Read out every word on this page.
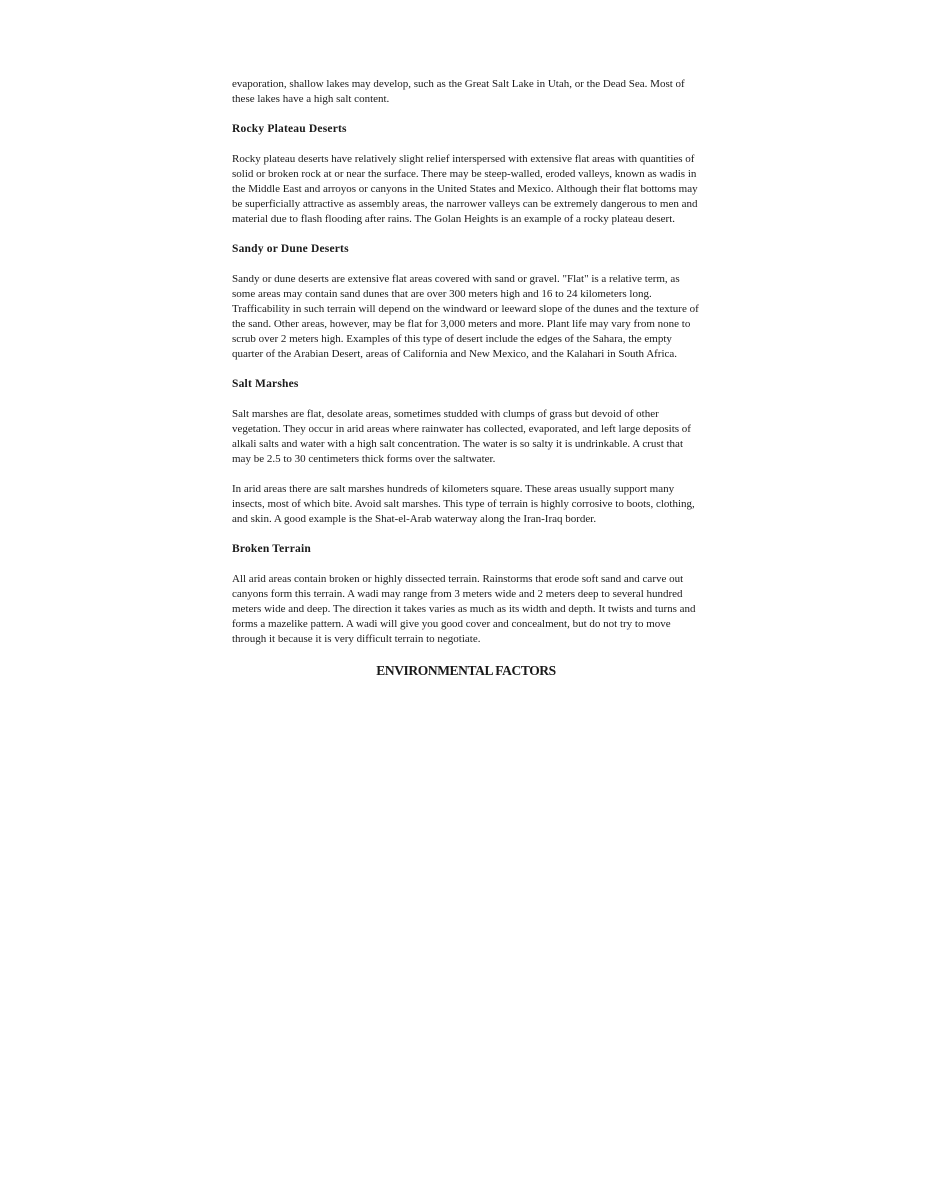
evaporation, shallow lakes may develop, such as the Great Salt Lake in Utah, or the Dead Sea. Most of these lakes have a high salt content.

Rocky Plateau Deserts

Rocky plateau deserts have relatively slight relief interspersed with extensive flat areas with quantities of solid or broken rock at or near the surface. There may be steep-walled, eroded valleys, known as wadis in the Middle East and arroyos or canyons in the United States and Mexico. Although their flat bottoms may be superficially attractive as assembly areas, the narrower valleys can be extremely dangerous to men and material due to flash flooding after rains. The Golan Heights is an example of a rocky plateau desert.

Sandy or Dune Deserts

Sandy or dune deserts are extensive flat areas covered with sand or gravel. "Flat" is a relative term, as some areas may contain sand dunes that are over 300 meters high and 16 to 24 kilometers long. Trafficability in such terrain will depend on the windward or leeward slope of the dunes and the texture of the sand. Other areas, however, may be flat for 3,000 meters and more. Plant life may vary from none to scrub over 2 meters high. Examples of this type of desert include the edges of the Sahara, the empty quarter of the Arabian Desert, areas of California and New Mexico, and the Kalahari in South Africa.

Salt Marshes

Salt marshes are flat, desolate areas, sometimes studded with clumps of grass but devoid of other vegetation. They occur in arid areas where rainwater has collected, evaporated, and left large deposits of alkali salts and water with a high salt concentration. The water is so salty it is undrinkable. A crust that may be 2.5 to 30 centimeters thick forms over the saltwater.

In arid areas there are salt marshes hundreds of kilometers square. These areas usually support many insects, most of which bite. Avoid salt marshes. This type of terrain is highly corrosive to boots, clothing, and skin. A good example is the Shat-el-Arab waterway along the Iran-Iraq border.

Broken Terrain

All arid areas contain broken or highly dissected terrain. Rainstorms that erode soft sand and carve out canyons form this terrain. A wadi may range from 3 meters wide and 2 meters deep to several hundred meters wide and deep. The direction it takes varies as much as its width and depth. It twists and turns and forms a mazelike pattern. A wadi will give you good cover and concealment, but do not try to move through it because it is very difficult terrain to negotiate.

ENVIRONMENTAL FACTORS
